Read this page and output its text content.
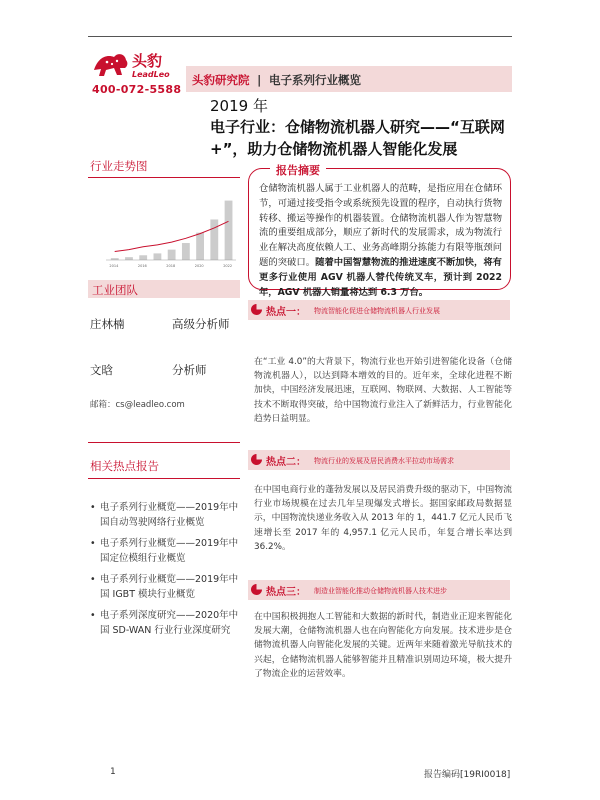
头豹
LeadLeo
400-072-5588
头豹研究院 | 电子系列行业概览
2019 年
电子行业：仓储物流机器人研究——“互联网+”，助力仓储物流机器人智能化发展
行业走势图
2014	2016	2018	2020	2022
工业团队
庄林楠	高级分析师
文晗	分析师
邮箱：cs@leadleo.com
相关热点报告
• 电子系列行业概览——2019年中国自动驾驶网络行业概览
• 电子系列行业概览——2019年中国定位模组行业概览
• 电子系列行业概览——2019年中国 IGBT 模块行业概览
• 电子系列深度研究——2020年中国 SD-WAN 行业行业深度研究
仓储物流机器人属于工业机器人的范畴，是指应用在仓储环节，可通过接受指令或系统预先设置的程序，自动执行货物转移、搬运等操作的机器装置。仓储物流机器人作为智慧物流的重要组成部分，顺应了新时代的发展需求，成为物流行业在解决高度依赖人工、业务高峰期分拣能力有限等瓶颈问题的突破口。随着中国智慧物流的推进速度不断加快，将有更多行业使用 AGV 机器人替代传统叉车，预计到 2022 年，AGV 机器人销量将达到 6.3 万台。
报告摘要
热点一： 物流智能化促进仓储物流机器人行业发展
在“工业 4.0”的大背景下，物流行业也开始引进智能化设备（仓储物流机器人），以达到降本增效的目的。近年来，全球化进程不断加快，中国经济发展迅速，互联网、物联网、大数据、人工智能等技术不断取得突破，给中国物流行业注入了新鲜活力，行业智能化趋势日益明显。
热点二： 物流行业的发展及居民消费水平拉动市场需求
在中国电商行业的蓬勃发展以及居民消费升级的驱动下，中国物流行业市场规模在过去几年呈现爆发式增长。据国家邮政局数据显示，中国物流快递业务收入从 2013 年的 1，441.7 亿元人民币飞速增长至 2017 年的 4,957.1 亿元人民币，年复合增长率达到 36.2%。
热点三： 制造业智能化推动仓储物流机器人技术进步
在中国积极拥抱人工智能和大数据的新时代，制造业正迎来智能化发展大潮，仓储物流机器人也在向智能化方向发展。技术进步是仓储物流机器人向智能化发展的关键。近两年来随着激光导航技术的兴起，仓储物流机器人能够智能并且精准识别周边环境，极大提升了物流企业的运营效率。
1	报告编码[19RI0018]
